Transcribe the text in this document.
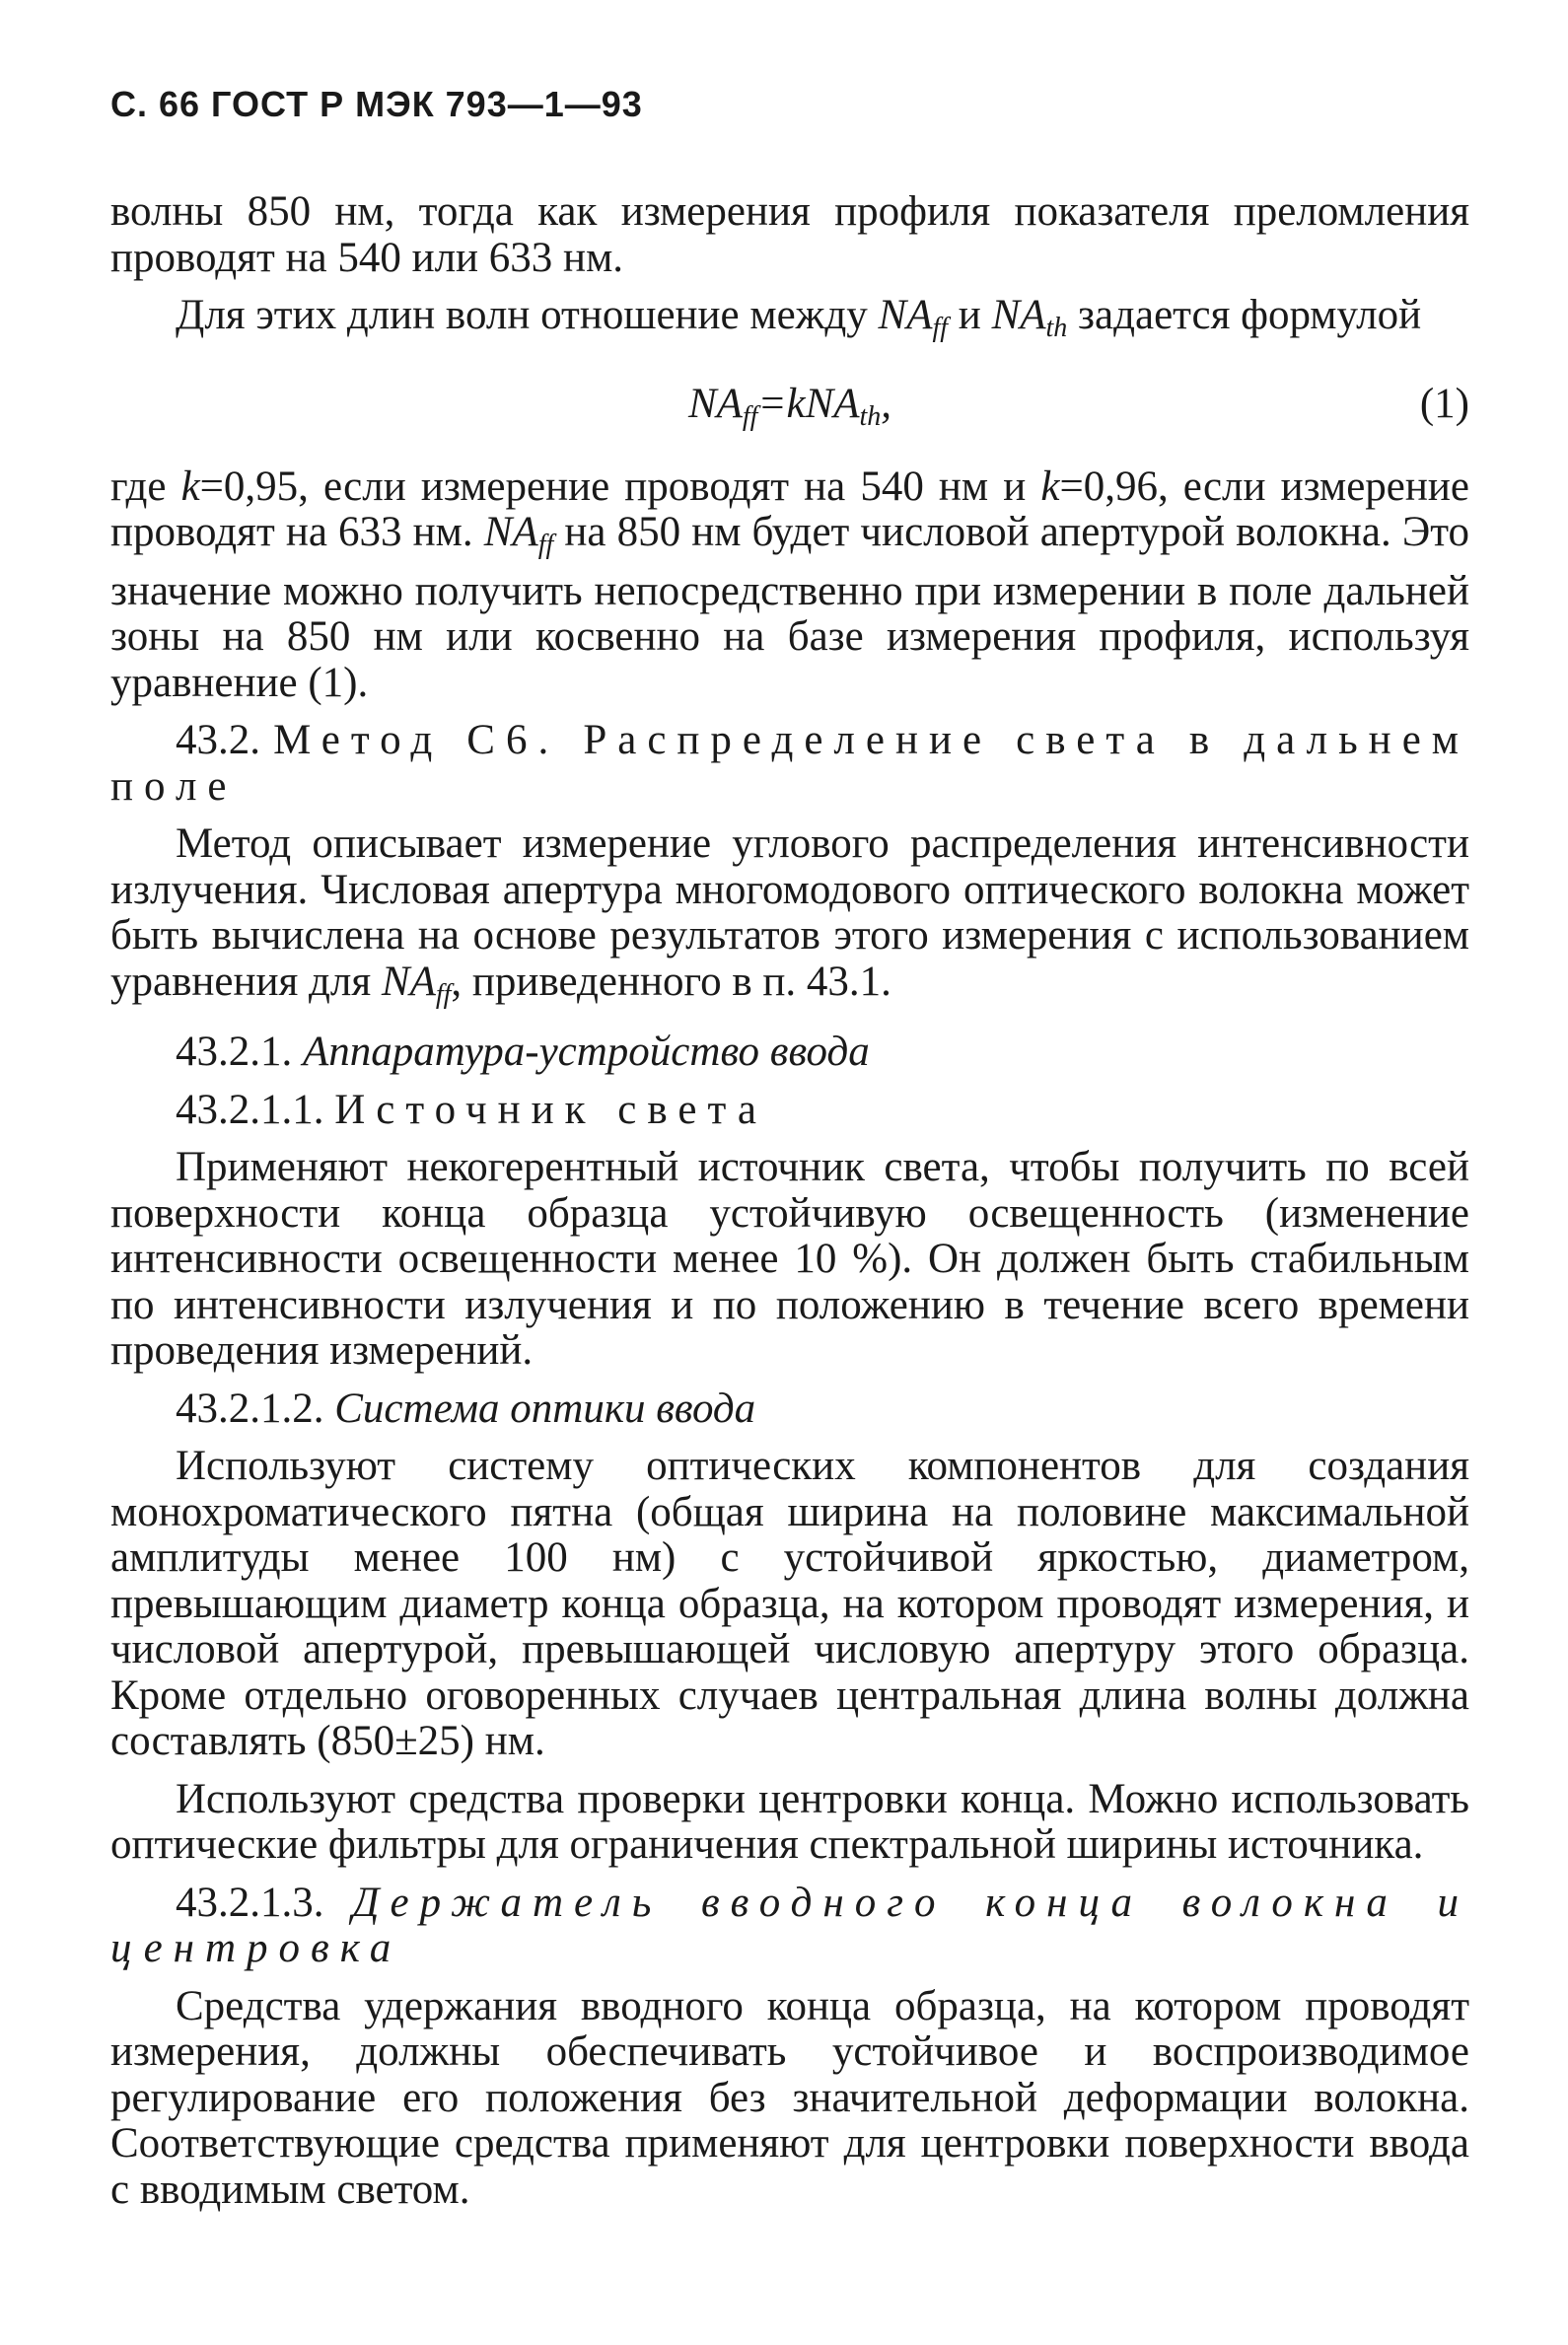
С. 66 ГОСТ Р МЭК 793—1—93

волны 850 нм, тогда как измерения профиля показателя преломления проводят на 540 или 633 нм.

Для этих длин волн отношение между $NA_{ff}$ и $NA_{th}$ задается формулой

$NA_{ff}=kNA_{th}$,	(1)

где k=0,95, если измерение проводят на 540 нм и k=0,96, если измерение проводят на 633 нм. $NA_{ff}$ на 850 нм будет числовой апертурой волокна. Это значение можно получить непосредственно при измерении в поле дальней зоны на 850 нм или косвенно на базе измерения профиля, используя уравнение (1).

43.2. Метод С6. Распределение света в дальнем поле

Метод описывает измерение углового распределения интенсивности излучения. Числовая апертура многомодового оптического волокна может быть вычислена на основе результатов этого измерения с использованием уравнения для $NA_{ff}$, приведенного в п. 43.1.

43.2.1. Аппаратура-устройство ввода

43.2.1.1. Источник света

Применяют некогерентный источник света, чтобы получить по всей поверхности конца образца устойчивую освещенность (изменение интенсивности освещенности менее 10 %). Он должен быть стабильным по интенсивности излучения и по положению в течение всего времени проведения измерений.

43.2.1.2. Система оптики ввода

Используют систему оптических компонентов для создания монохроматического пятна (общая ширина на половине максимальной амплитуды менее 100 нм) с устойчивой яркостью, диаметром, превышающим диаметр конца образца, на котором проводят измерения, и числовой апертурой, превышающей числовую апертуру этого образца. Кроме отдельно оговоренных случаев центральная длина волны должна составлять (850±25) нм.

Используют средства проверки центровки конца. Можно использовать оптические фильтры для ограничения спектральной ширины источника.

43.2.1.3. Держатель вводного конца волокна и центровка

Средства удержания вводного конца образца, на котором проводят измерения, должны обеспечивать устойчивое и воспроизводимое регулирование его положения без значительной деформации волокна. Соответствующие средства применяют для центровки поверхности ввода с вводимым светом.
